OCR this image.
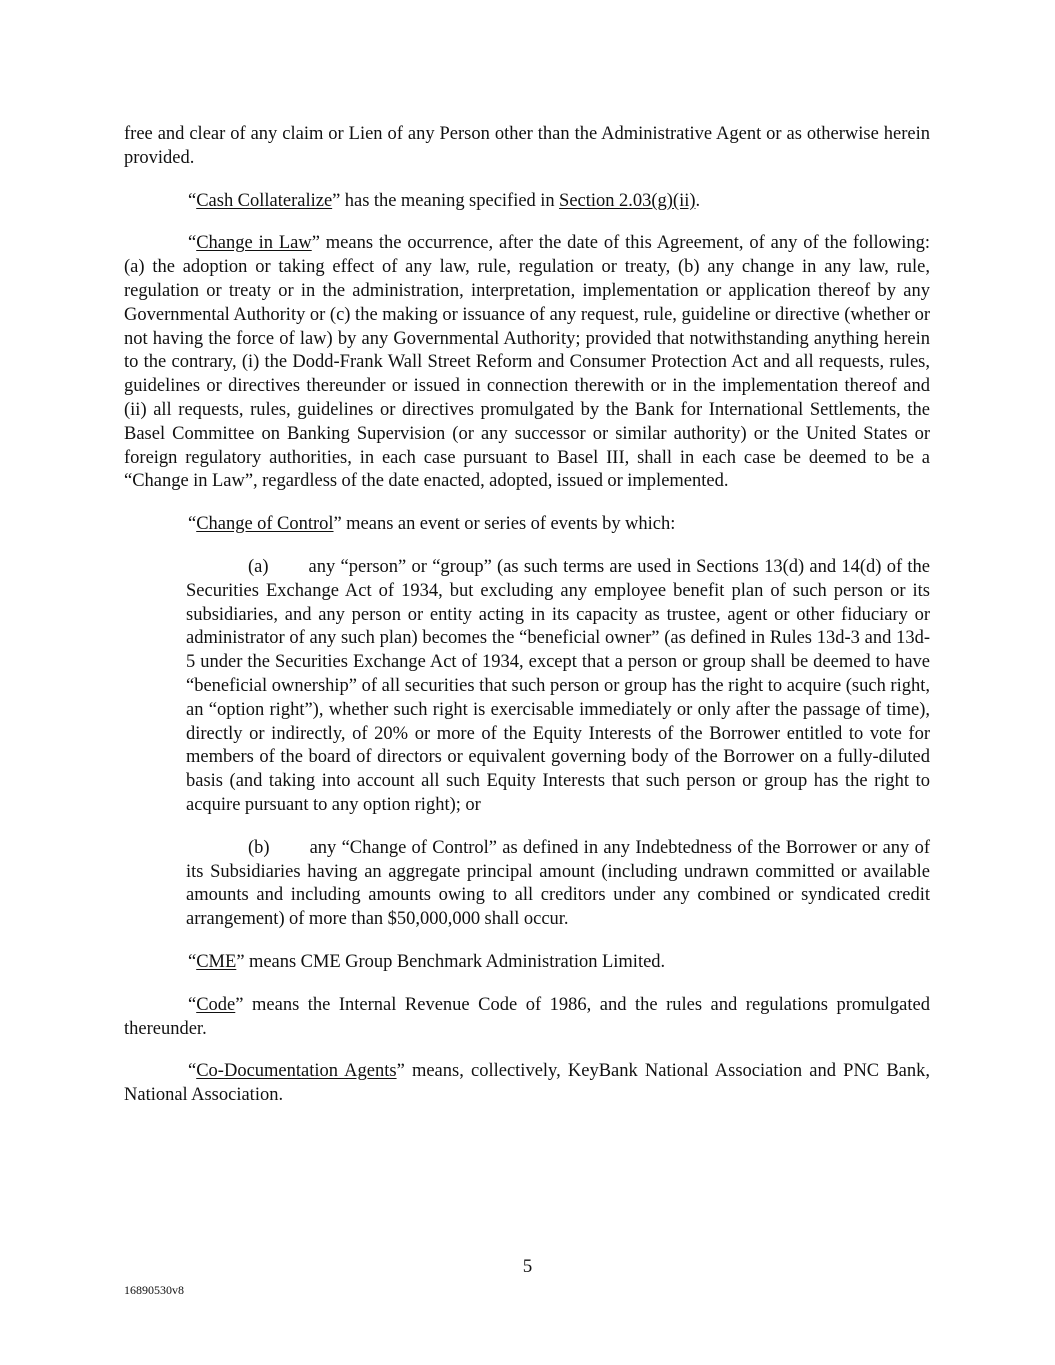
free and clear of any claim or Lien of any Person other than the Administrative Agent or as otherwise herein provided.

“Cash Collateralize” has the meaning specified in Section 2.03(g)(ii).

“Change in Law” means the occurrence, after the date of this Agreement, of any of the following: (a) the adoption or taking effect of any law, rule, regulation or treaty, (b) any change in any law, rule, regulation or treaty or in the administration, interpretation, implementation or application thereof by any Governmental Authority or (c) the making or issuance of any request, rule, guideline or directive (whether or not having the force of law) by any Governmental Authority; provided that notwithstanding anything herein to the contrary, (i) the Dodd-Frank Wall Street Reform and Consumer Protection Act and all requests, rules, guidelines or directives thereunder or issued in connection therewith or in the implementation thereof and (ii) all requests, rules, guidelines or directives promulgated by the Bank for International Settlements, the Basel Committee on Banking Supervision (or any successor or similar authority) or the United States or foreign regulatory authorities, in each case pursuant to Basel III, shall in each case be deemed to be a “Change in Law”, regardless of the date enacted, adopted, issued or implemented.

“Change of Control” means an event or series of events by which:

(a) any “person” or “group” (as such terms are used in Sections 13(d) and 14(d) of the Securities Exchange Act of 1934, but excluding any employee benefit plan of such person or its subsidiaries, and any person or entity acting in its capacity as trustee, agent or other fiduciary or administrator of any such plan) becomes the “beneficial owner” (as defined in Rules 13d-3 and 13d-5 under the Securities Exchange Act of 1934, except that a person or group shall be deemed to have “beneficial ownership” of all securities that such person or group has the right to acquire (such right, an “option right”), whether such right is exercisable immediately or only after the passage of time), directly or indirectly, of 20% or more of the Equity Interests of the Borrower entitled to vote for members of the board of directors or equivalent governing body of the Borrower on a fully-diluted basis (and taking into account all such Equity Interests that such person or group has the right to acquire pursuant to any option right); or

(b) any “Change of Control” as defined in any Indebtedness of the Borrower or any of its Subsidiaries having an aggregate principal amount (including undrawn committed or available amounts and including amounts owing to all creditors under any combined or syndicated credit arrangement) of more than $50,000,000 shall occur.

“CME” means CME Group Benchmark Administration Limited.

“Code” means the Internal Revenue Code of 1986, and the rules and regulations promulgated thereunder.

“Co-Documentation Agents” means, collectively, KeyBank National Association and PNC Bank, National Association.

5
16890530v8
